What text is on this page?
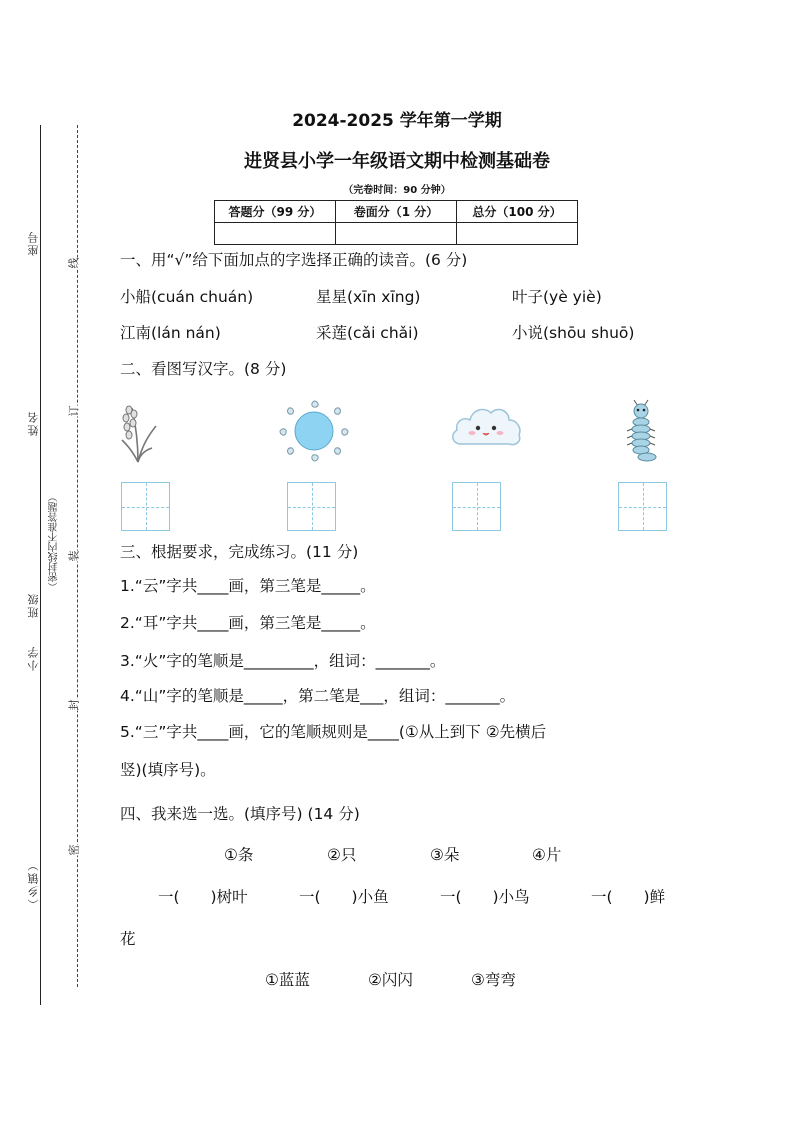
座号
姓名
班级
小学
（乡镇）
（密封线内不准答题）
线
订
装
封
密
2024-2025 学年第一学期
进贤县小学一年级语文期中检测基础卷
（完卷时间：90 分钟）
答题分（99 分）	卷面分（1 分）	总分（100 分）

一、用“√”给下面加点的字选择正确的读音。(6 分)
小船(cuán chuán)	星星(xīn xīng)	叶子(yè yiè)
江南(lán nán)	采莲(cǎi chǎi)	小说(shōu shuō)
二、看图写汉字。(8 分)
三、根据要求，完成练习。(11 分)
1.“云”字共____画，第三笔是_____。
2.“耳”字共____画，第三笔是_____。
3.“火”字的笔顺是_________，组词：_______。
4.“山”字的笔顺是_____，第二笔是___，组词：_______。
5.“三”字共____画，它的笔顺规则是____(①从上到下 ②先横后
竖)(填序号)。
四、我来选一选。(填序号) (14 分)
①条	②只	③朵	④片
一(　　)树叶	一(　　)小鱼	一(　　)小鸟	一(　　)鲜
花
①蓝蓝	②闪闪	③弯弯
